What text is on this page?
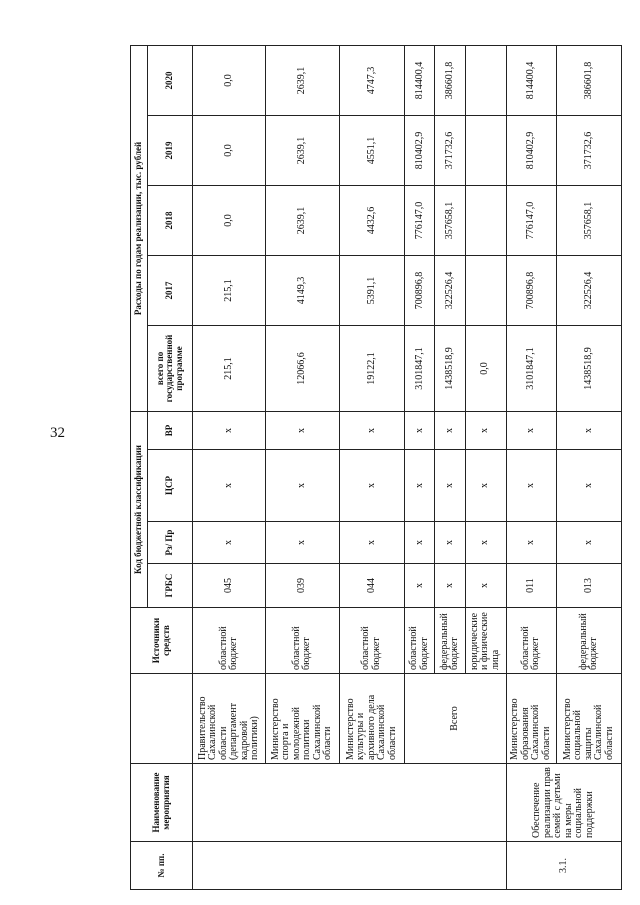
32
№ пп.	Наименование мероприятия		Источники средств	Код бюджетной классификации				Расходы по годам реализации, тыс. рублей				
				ГРБС	Рз/ Пр	ЦСР	ВР	всего по государственной программе	2017	2018	2019	2020
		Правительство Сахалинской области (департамент кадровой политики)	областной бюджет	045	x	x	x	215,1	215,1	0,0	0,0	0,0
		Министерство спорта и молодежной политики Сахалинской области	областной бюджет	039	x	x	x	12066,6	4149,3	2639,1	2639,1	2639,1
		Министерство культуры и архивного дела Сахалинской области	областной бюджет	044	x	x	x	19122,1	5391,1	4432,6	4551,1	4747,3
		Всего	областной бюджет	x	x	x	x	3101847,1	700896,8	776147,0	810402,9	814400,4
			федеральный бюджет	x	x	x	x	1438518,9	322526,4	357658,1	371732,6	386601,8
			юридические и физические лица	x	x	x	x	0,0				
3.1.	Обеспечение реализации прав семей с детьми на меры социальной поддержки	Министерство образования Сахалинской области	областной бюджет	011	x	x	x	3101847,1	700896,8	776147,0	810402,9	814400,4
		Министерство социальной защиты Сахалинской области	федеральный бюджет	013	x	x	x	1438518,9	322526,4	357658,1	371732,6	386601,8
